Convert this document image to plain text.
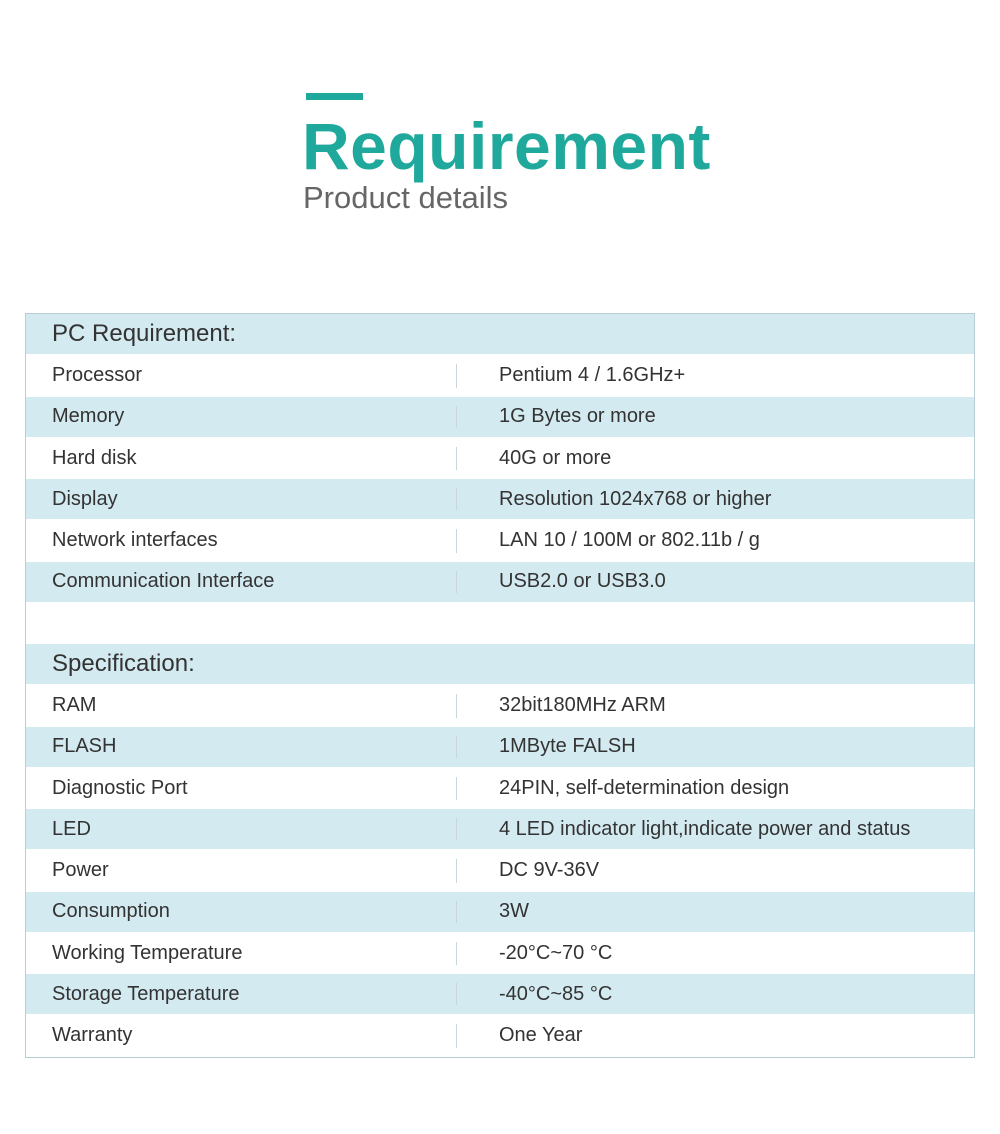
Requirement
Product details
PC Requirement:
Processor	Pentium 4 / 1.6GHz+
Memory	1G Bytes or more
Hard disk	40G or more
Display	Resolution 1024x768 or higher
Network interfaces	LAN 10 / 100M or 802.11b / g
Communication Interface	USB2.0 or USB3.0
Specification:
RAM	32bit180MHz ARM
FLASH	1MByte FALSH
Diagnostic Port	24PIN, self-determination design
LED	4 LED indicator light,indicate power and status
Power	DC 9V-36V
Consumption	3W
Working Temperature	-20°C~70 °C
Storage Temperature	-40°C~85 °C
Warranty	One Year
